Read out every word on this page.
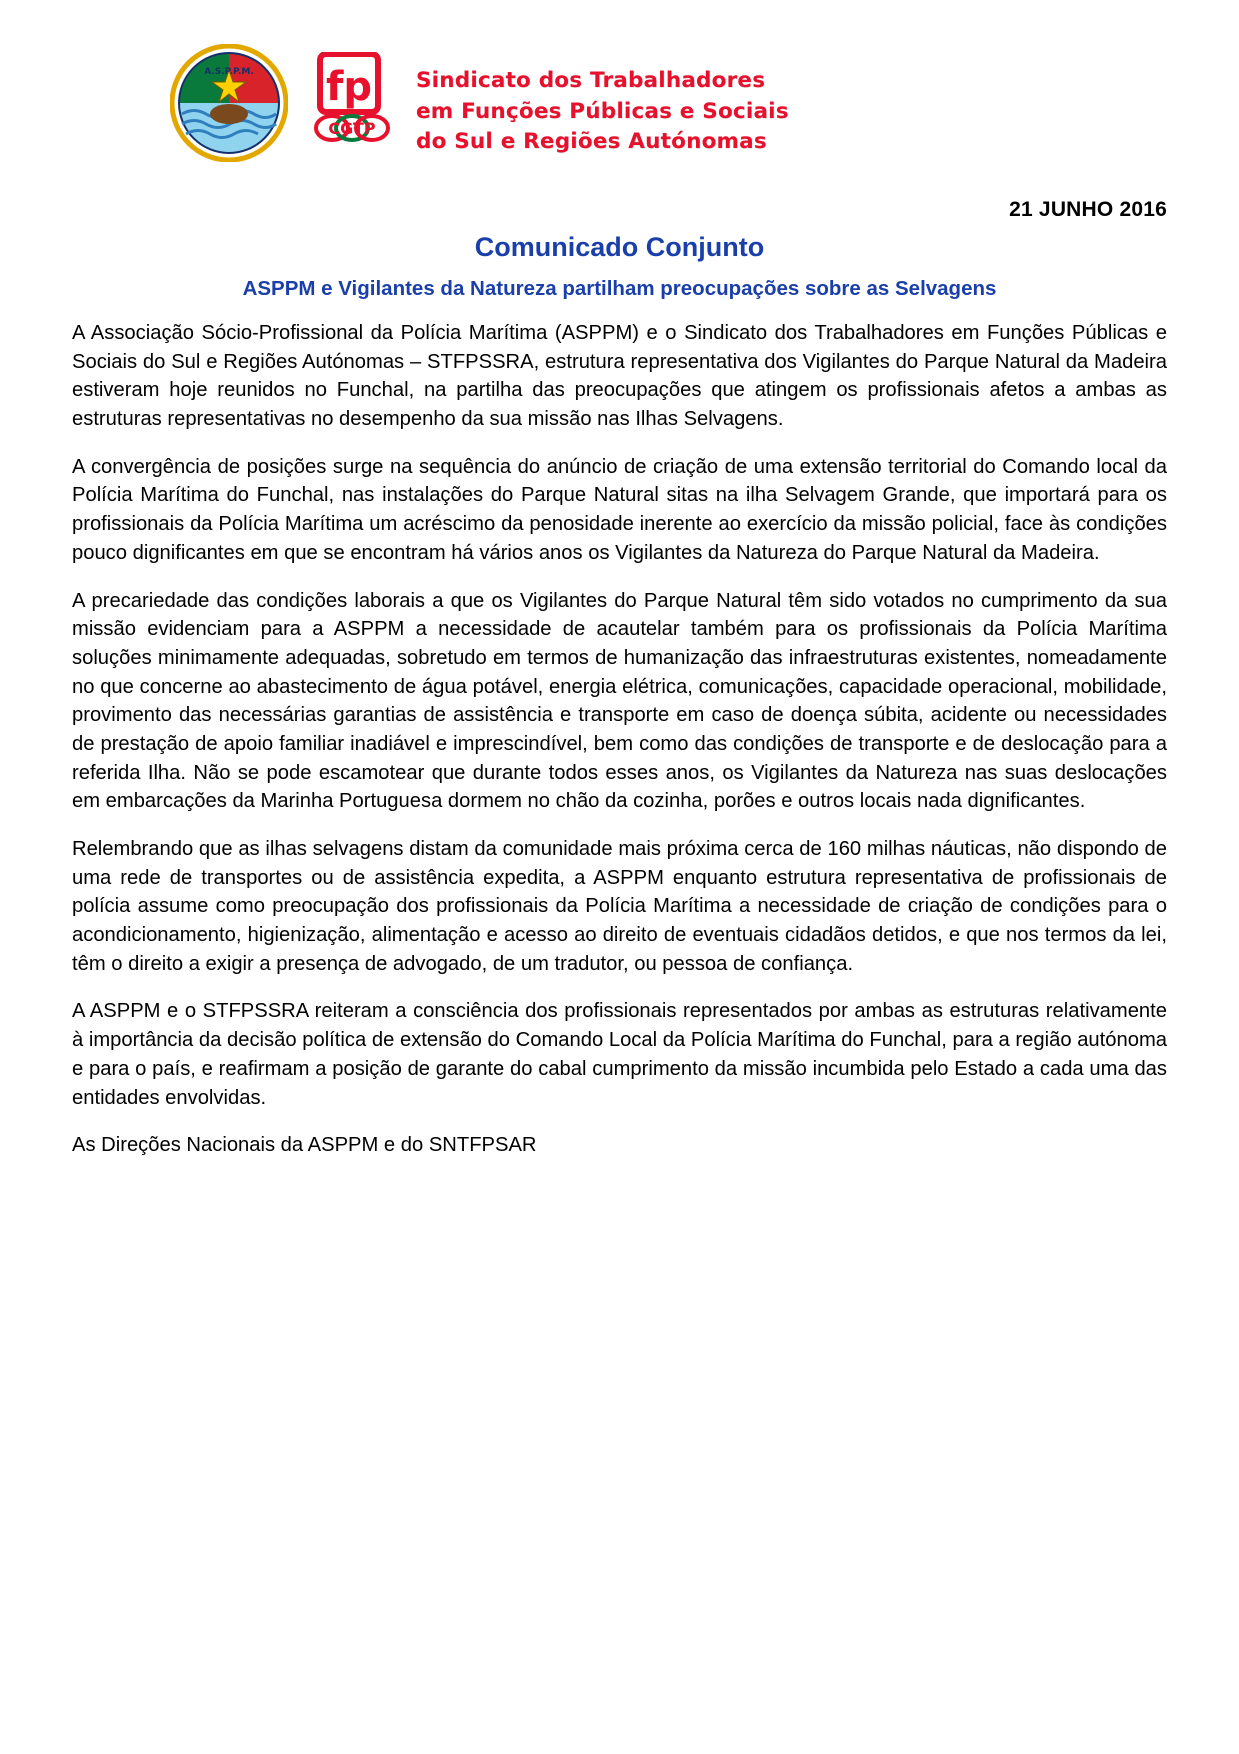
A.S.P.P.M. fp
CGTP
Sindicato dos Trabalhadores
em Funções Públicas e Sociais
do Sul e Regiões Autónomas
21 JUNHO 2016
Comunicado Conjunto
ASPPM e Vigilantes da Natureza partilham preocupações sobre as Selvagens

A Associação Sócio-Profissional da Polícia Marítima (ASPPM) e o Sindicato dos Trabalhadores em Funções Públicas e Sociais do Sul e Regiões Autónomas – STFPSSRA, estrutura representativa dos Vigilantes do Parque Natural da Madeira estiveram hoje reunidos no Funchal, na partilha das preocupações que atingem os profissionais afetos a ambas as estruturas representativas no desempenho da sua missão nas Ilhas Selvagens.

A convergência de posições surge na sequência do anúncio de criação de uma extensão territorial do Comando local da Polícia Marítima do Funchal, nas instalações do Parque Natural sitas na ilha Selvagem Grande, que importará para os profissionais da Polícia Marítima um acréscimo da penosidade inerente ao exercício da missão policial, face às condições pouco dignificantes em que se encontram há vários anos os Vigilantes da Natureza do Parque Natural da Madeira.

A precariedade das condições laborais a que os Vigilantes do Parque Natural têm sido votados no cumprimento da sua missão evidenciam para a ASPPM a necessidade de acautelar também para os profissionais da Polícia Marítima soluções minimamente adequadas, sobretudo em termos de humanização das infraestruturas existentes, nomeadamente no que concerne ao abastecimento de água potável, energia elétrica, comunicações, capacidade operacional, mobilidade, provimento das necessárias garantias de assistência e transporte em caso de doença súbita, acidente ou necessidades de prestação de apoio familiar inadiável e imprescindível, bem como das condições de transporte e de deslocação para a referida Ilha. Não se pode escamotear que durante todos esses anos, os Vigilantes da Natureza nas suas deslocações em embarcações da Marinha Portuguesa dormem no chão da cozinha, porões e outros locais nada dignificantes.

Relembrando que as ilhas selvagens distam da comunidade mais próxima cerca de 160 milhas náuticas, não dispondo de uma rede de transportes ou de assistência expedita, a ASPPM enquanto estrutura representativa de profissionais de polícia assume como preocupação dos profissionais da Polícia Marítima a necessidade de criação de condições para o acondicionamento, higienização, alimentação e acesso ao direito de eventuais cidadãos detidos, e que nos termos da lei, têm o direito a exigir a presença de advogado, de um tradutor, ou pessoa de confiança.

A ASPPM e o STFPSSRA reiteram a consciência dos profissionais representados por ambas as estruturas relativamente à importância da decisão política de extensão do Comando Local da Polícia Marítima do Funchal, para a região autónoma e para o país, e reafirmam a posição de garante do cabal cumprimento da missão incumbida pelo Estado a cada uma das entidades envolvidas.

As Direções Nacionais da ASPPM e do SNTFPSAR
